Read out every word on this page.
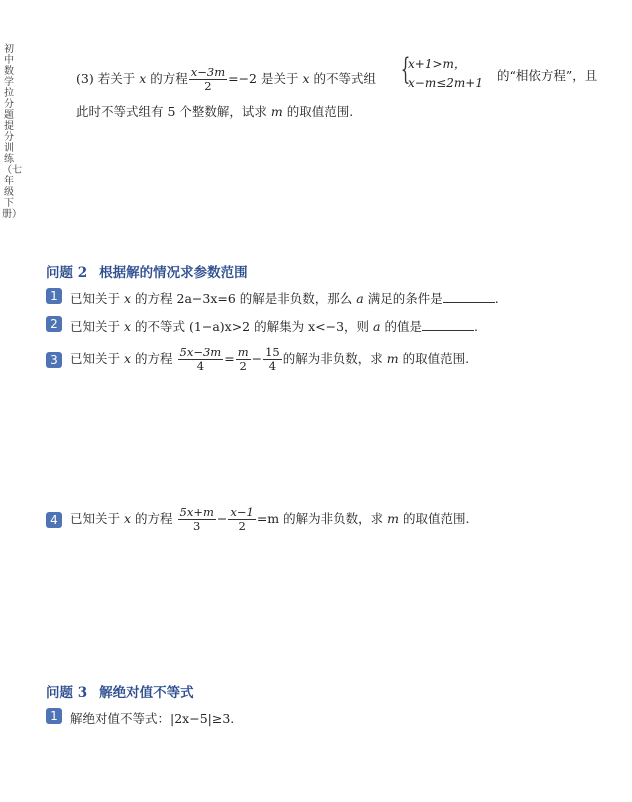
初中数学拉分题提分训练（七年级下册）
(3) 若关于 x 的方程 $\frac{x-3m}{2} =-2$ 是关于 x 的不等式组 {
x+1>m，
x−m≤2m+1 的“相依方程”，且
此时不等式组有 5 个整数解，试求 m 的取值范围.
问题 2 根据解的情况求参数范围
1 已知关于 x 的方程 2a−3x=6 的解是非负数，那么 a 满足的条件是	.
2 已知关于 x 的不等式 (1−a)x>2 的解集为 x<−3，则 a 的值是	.
3 已知关于 x 的方程 $\frac{5x-3m}{4} = \frac{m}{2} - \frac{15}{4}$ 的解为非负数，求 m 的取值范围.
4 已知关于 x 的方程 $\frac{5x+m}{3} - \frac{x-1}{2} =m$ 的解为非负数，求 m 的取值范围.
问题 3 解绝对值不等式
1 解绝对值不等式：|2x−5|≥3.
